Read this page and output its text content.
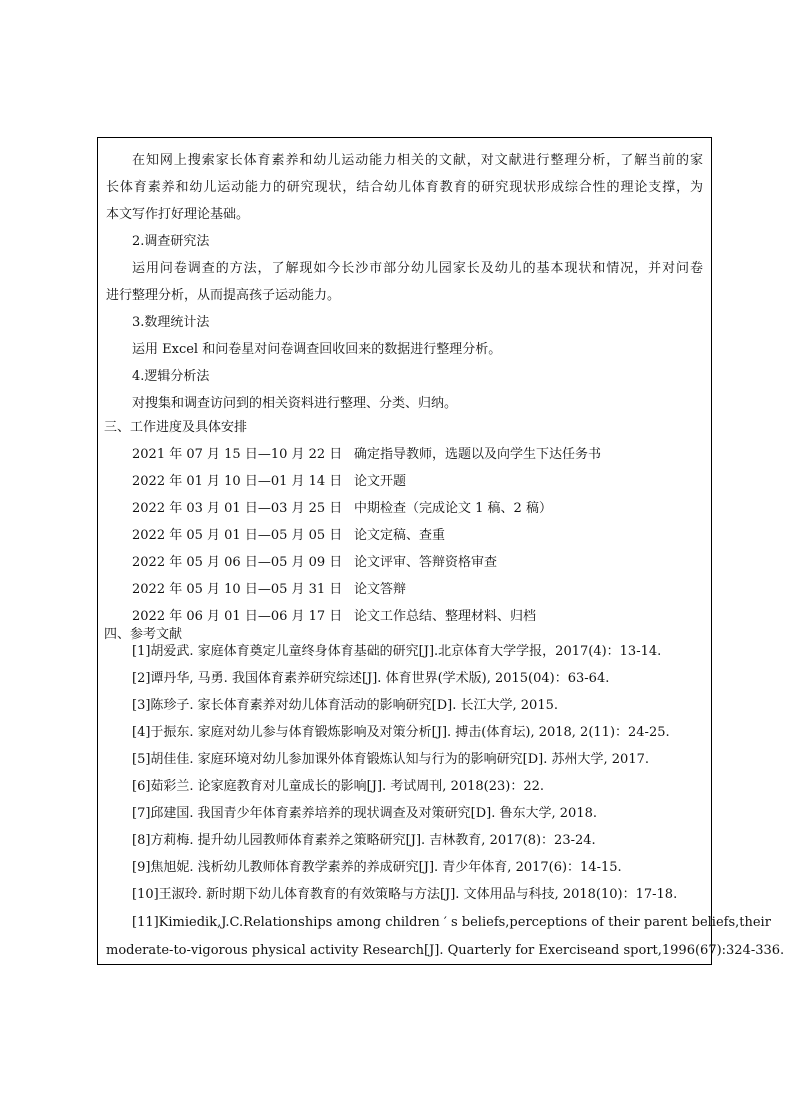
在知网上搜索家长体育素养和幼儿运动能力相关的文献，对文献进行整理分析，了解当前的家
长体育素养和幼儿运动能力的研究现状，结合幼儿体育教育的研究现状形成综合性的理论支撑，为
本文写作打好理论基础。
2.调查研究法
运用问卷调查的方法，了解现如今长沙市部分幼儿园家长及幼儿的基本现状和情况，并对问卷
进行整理分析，从而提高孩子运动能力。
3.数理统计法
运用 Excel 和问卷星对问卷调查回收回来的数据进行整理分析。
4.逻辑分析法
对搜集和调查访问到的相关资料进行整理、分类、归纳。
三、工作进度及具体安排
2021 年 07 月 15 日—10 月 22 日 确定指导教师，选题以及向学生下达任务书
2022 年 01 月 10 日—01 月 14 日 论文开题
2022 年 03 月 01 日—03 月 25 日 中期检查（完成论文 1 稿、2 稿）
2022 年 05 月 01 日—05 月 05 日 论文定稿、查重
2022 年 05 月 06 日—05 月 09 日 论文评审、答辩资格审查
2022 年 05 月 10 日—05 月 31 日 论文答辩
2022 年 06 月 01 日—06 月 17 日 论文工作总结、整理材料、归档
四、参考文献
[1]胡爱武. 家庭体育奠定儿童终身体育基础的研究[J].北京体育大学学报，2017(4)：13-14.
[2]谭丹华, 马勇. 我国体育素养研究综述[J]. 体育世界(学术版), 2015(04)：63-64.
[3]陈珍子. 家长体育素养对幼儿体育活动的影响研究[D]. 长江大学, 2015.
[4]于振东. 家庭对幼儿参与体育锻炼影响及对策分析[J]. 搏击(体育坛), 2018, 2(11)：24-25.
[5]胡佳佳. 家庭环境对幼儿参加课外体育锻炼认知与行为的影响研究[D]. 苏州大学, 2017.
[6]茹彩兰. 论家庭教育对儿童成长的影响[J]. 考试周刊, 2018(23)：22.
[7]邱建国. 我国青少年体育素养培养的现状调查及对策研究[D]. 鲁东大学, 2018.
[8]方莉梅. 提升幼儿园教师体育素养之策略研究[J]. 吉林教育, 2017(8)：23-24.
[9]焦旭妮. 浅析幼儿教师体育教学素养的养成研究[J]. 青少年体育, 2017(6)：14-15.
[10]王淑玲. 新时期下幼儿体育教育的有效策略与方法[J]. 文体用品与科技, 2018(10)：17-18.
[11]Kimiedik,J.C.Relationships among children ′ s beliefs,perceptions of their parent beliefs,their
moderate-to-vigorous physical activity Research[J]. Quarterly for Exerciseand sport,1996(67):324-336.
